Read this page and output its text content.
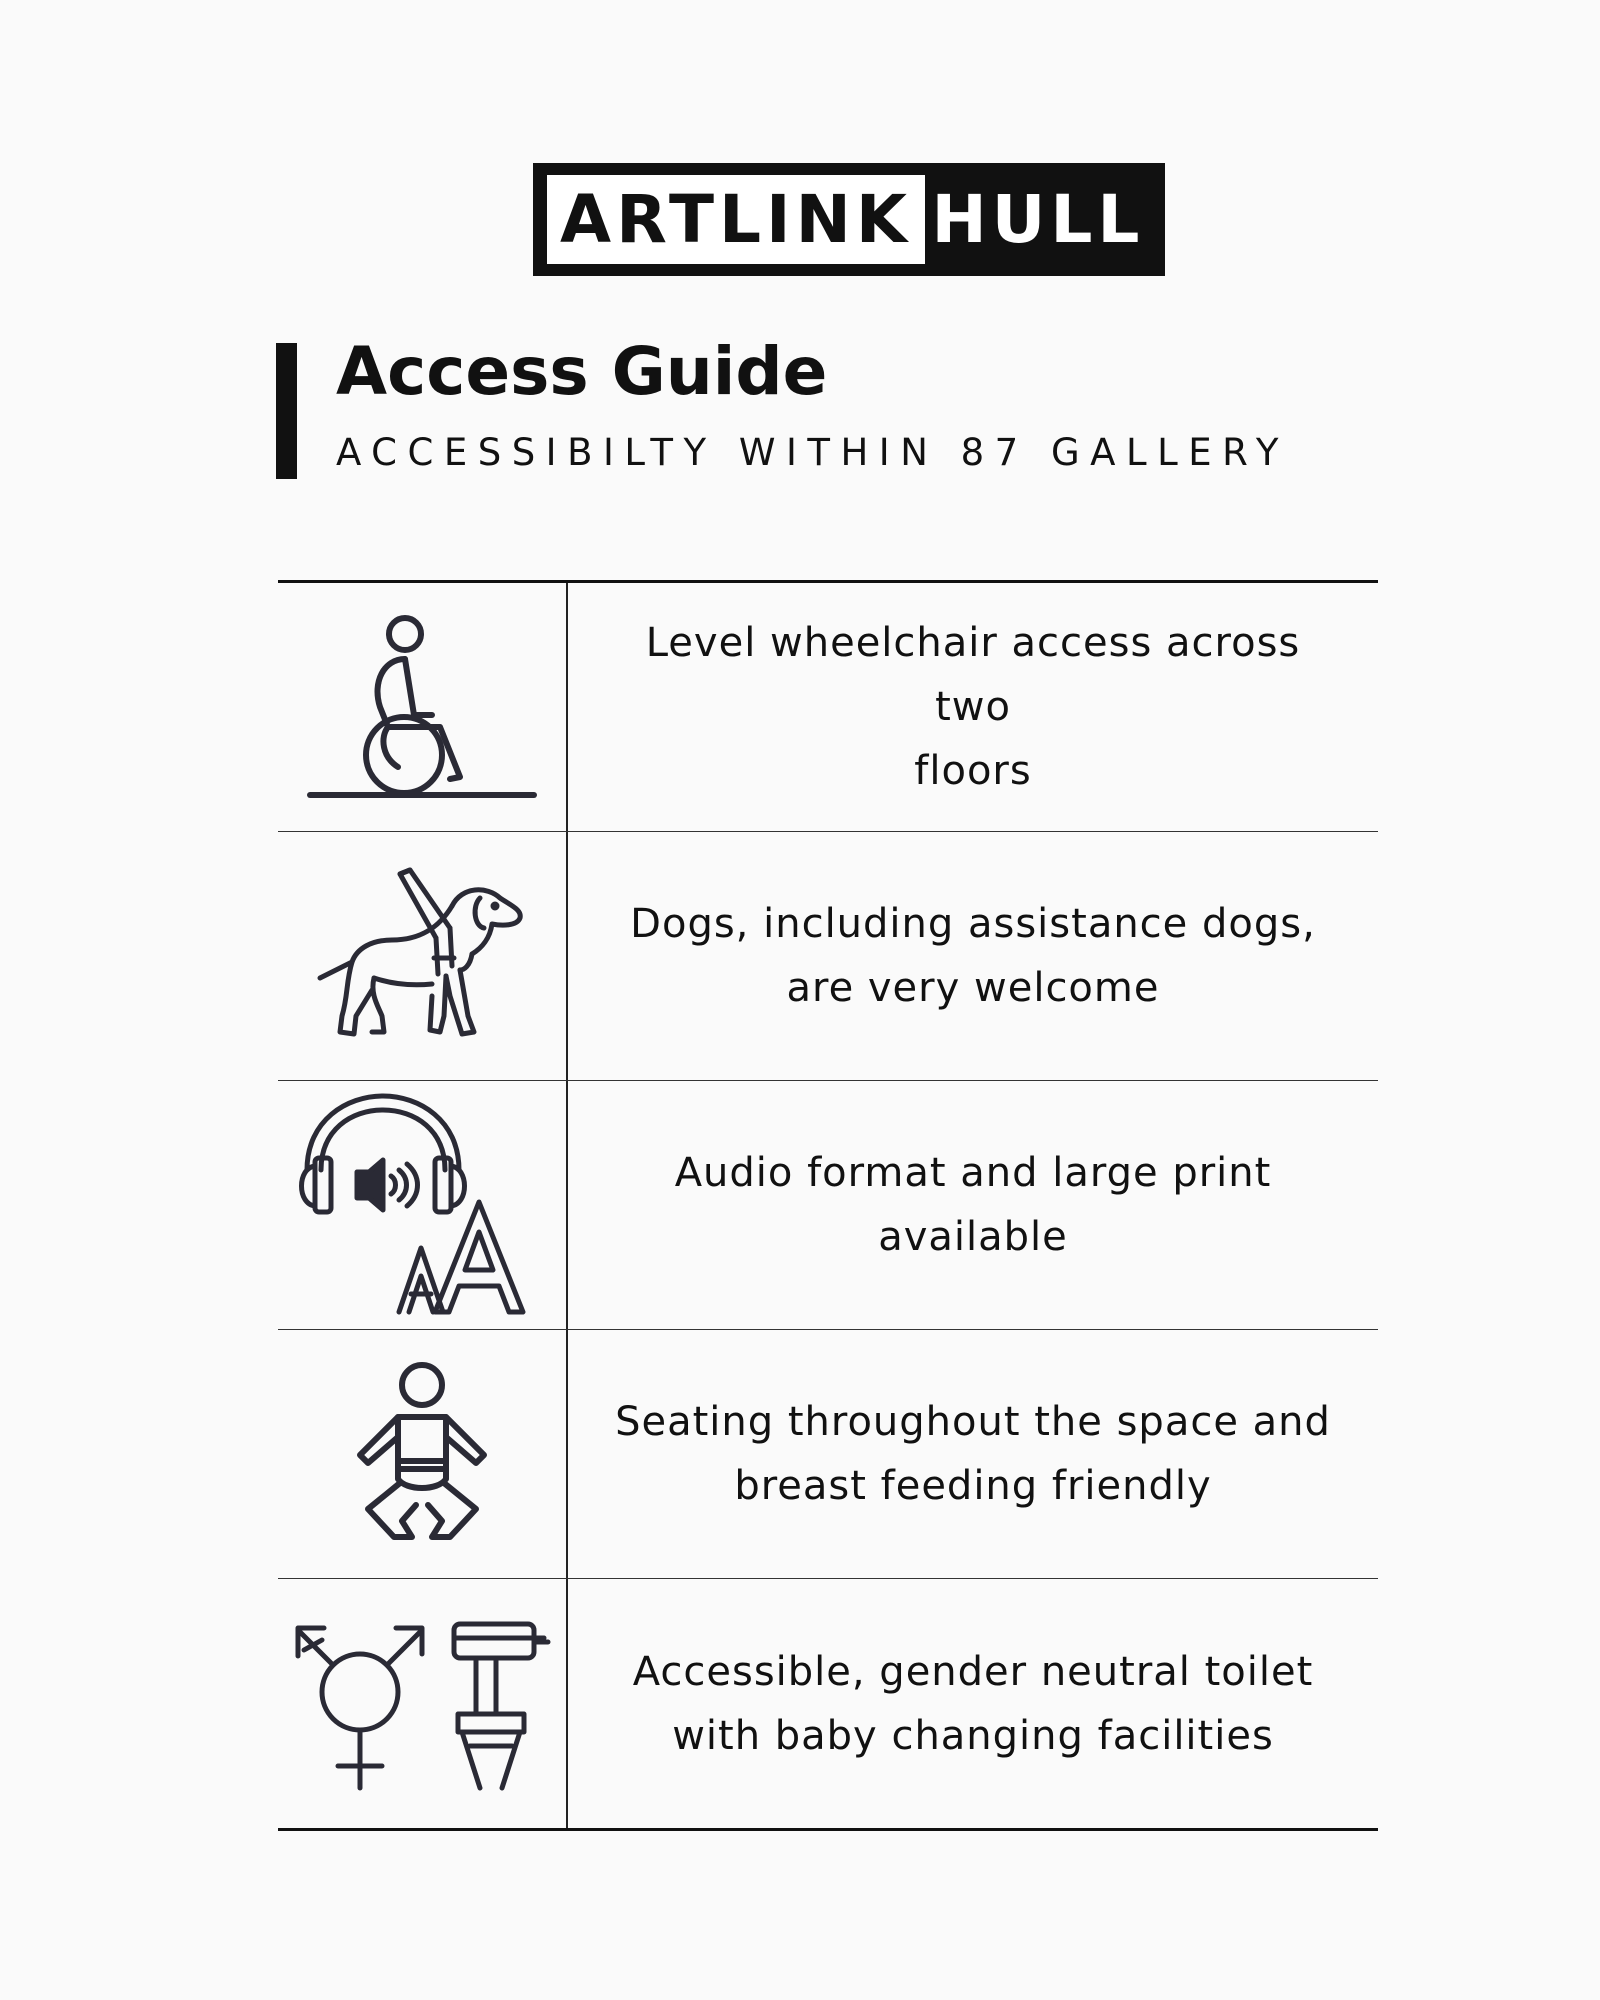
ARTLINK HULL
Access Guide
ACCESSIBILTY WITHIN 87 GALLERY
Level wheelchair access across two
floors
Dogs, including assistance dogs,
are very welcome
Audio format and large print
available
Seating throughout the space and
breast feeding friendly
Accessible, gender neutral toilet
with baby changing facilities
